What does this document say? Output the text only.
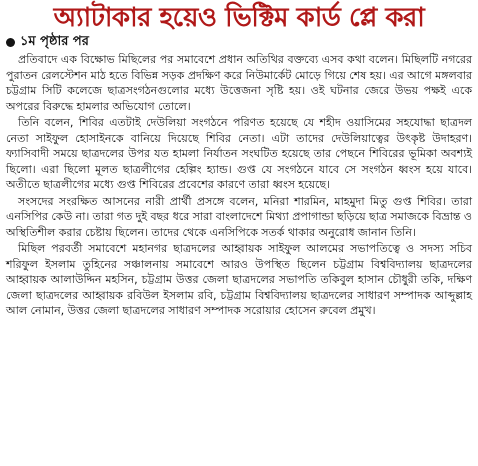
অ্যাটাকার হয়েও ভিক্টিম কার্ড প্লে করা
১ম পৃষ্ঠার পর

প্রতিবাদে এক বিক্ষোভ মিছিলের পর সমাবেশে প্রধান অতিথির বক্তব্যে এসব কথা বলেন। মিছিলটি নগরের পুরাতন রেলস্টেশন মাঠ হতে বিভিন্ন সড়ক প্রদক্ষিণ করে নিউমার্কেট মোড়ে গিয়ে শেষ হয়। এর আগে মঙ্গলবার চট্টগ্রাম সিটি কলেজে ছাত্রসংগঠনগুলোর মধ্যে উত্তেজনা সৃষ্টি হয়। ওই ঘটনার জেরে উভয় পক্ষই একে অপরের বিরুদ্ধে হামলার অভিযোগ তোলে।

তিনি বলেন, শিবির এতটাই দেউলিয়া সংগঠনে পরিণত হয়েছে যে শহীদ ওয়াসিমের সহযোদ্ধা ছাত্রদল নেতা সাইফুল হোসাইনকে বানিয়ে দিয়েছে শিবির নেতা। এটা তাদের দেউলিয়াত্বের উৎকৃষ্ট উদাহরণ। ফ্যাসিবাদী সময়ে ছাত্রদলের উপর যত হামলা নির্যাতন সংঘটিত হয়েছে তার পেছনে শিবিরের ভূমিকা অবশ্যই ছিলো। এরা ছিলো মূলত ছাত্রলীগের হেল্পিং হ্যান্ড। গুপ্ত যে সংগঠনে যাবে সে সংগঠন ধ্বংস হয়ে যাবে। অতীতে ছাত্রলীগের মধ্যে গুপ্ত শিবিরের প্রবেশের কারণে তারা ধ্বংস হয়েছে।

সংসদের সংরক্ষিত আসনের নারী প্রার্থী প্রসঙ্গে বলেন, মনিরা শারমিন, মাহমুদা মিতু গুপ্ত শিবির। তারা এনসিপির কেউ না। তারা গত দুই বছর ধরে সারা বাংলাদেশে মিথ্যা প্রপাগান্ডা ছড়িয়ে ছাত্র সমাজকে বিভ্রান্ত ও অস্থিতিশীল করার চেষ্টায় ছিলেন। তাদের থেকে এনসিপিকে সতর্ক থাকার অনুরোধ জানান তিনি।

মিছিল পরবর্তী সমাবেশে মহানগর ছাত্রদলের আহ্বায়ক সাইফুল আলমের সভাপতিত্বে ও সদস্য সচিব শরিফুল ইসলাম তুহিনের সঞ্চালনায় সমাবেশে আরও উপস্থিত ছিলেন চট্টগ্রাম বিশ্ববিদ্যালয় ছাত্রদলের আহ্বায়ক আলাউদ্দিন মহসিন, চট্টগ্রাম উত্তর জেলা ছাত্রদলের সভাপতি তকিবুল হাসান চৌধুরী তকি, দক্ষিণ জেলা ছাত্রদলের আহ্বায়ক রবিউল ইসলাম রবি, চট্টগ্রাম বিশ্ববিদ্যালয় ছাত্রদলের সাধারণ সম্পাদক আব্দুল্লাহ আল নোমান, উত্তর জেলা ছাত্রদলের সাধারণ সম্পাদক সরোয়ার হোসেন রুবেল প্রমুখ।
